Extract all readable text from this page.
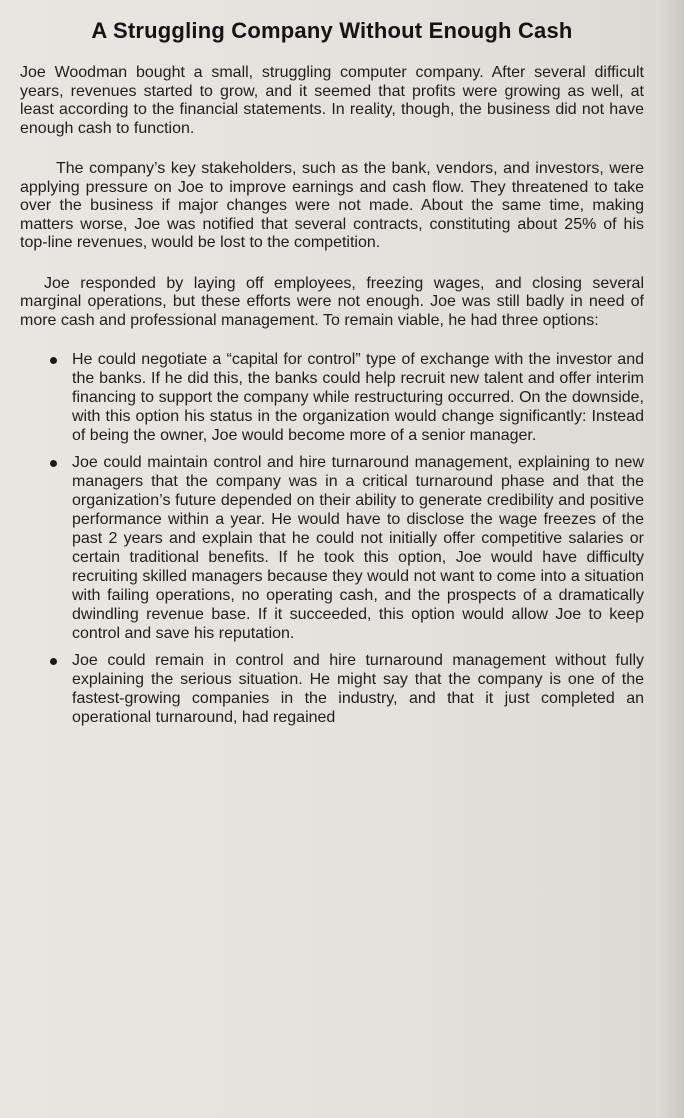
A Struggling Company Without Enough Cash

Joe Woodman bought a small, struggling computer company. After several difficult years, revenues started to grow, and it seemed that profits were growing as well, at least according to the financial statements. In reality, though, the business did not have enough cash to function.

The company’s key stakeholders, such as the bank, vendors, and investors, were applying pressure on Joe to improve earnings and cash flow. They threatened to take over the business if major changes were not made. About the same time, making matters worse, Joe was notified that several contracts, constituting about 25% of his top-line revenues, would be lost to the competition.

Joe responded by laying off employees, freezing wages, and closing several marginal operations, but these efforts were not enough. Joe was still badly in need of more cash and professional management. To remain viable, he had three options:

He could negotiate a “capital for control” type of exchange with the investor and the banks. If he did this, the banks could help recruit new talent and offer interim financing to support the company while restructuring occurred. On the downside, with this option his status in the organization would change significantly: Instead of being the owner, Joe would become more of a senior manager.
Joe could maintain control and hire turnaround management, explaining to new managers that the company was in a critical turnaround phase and that the organization’s future depended on their ability to generate credibility and positive performance within a year. He would have to disclose the wage freezes of the past 2 years and explain that he could not initially offer competitive salaries or certain traditional benefits. If he took this option, Joe would have difficulty recruiting skilled managers because they would not want to come into a situation with failing operations, no operating cash, and the prospects of a dramatically dwindling revenue base. If it succeeded, this option would allow Joe to keep control and save his reputation.
Joe could remain in control and hire turnaround management without fully explaining the serious situation. He might say that the company is one of the fastest-growing companies in the industry, and that it just completed an operational turnaround, had regained
